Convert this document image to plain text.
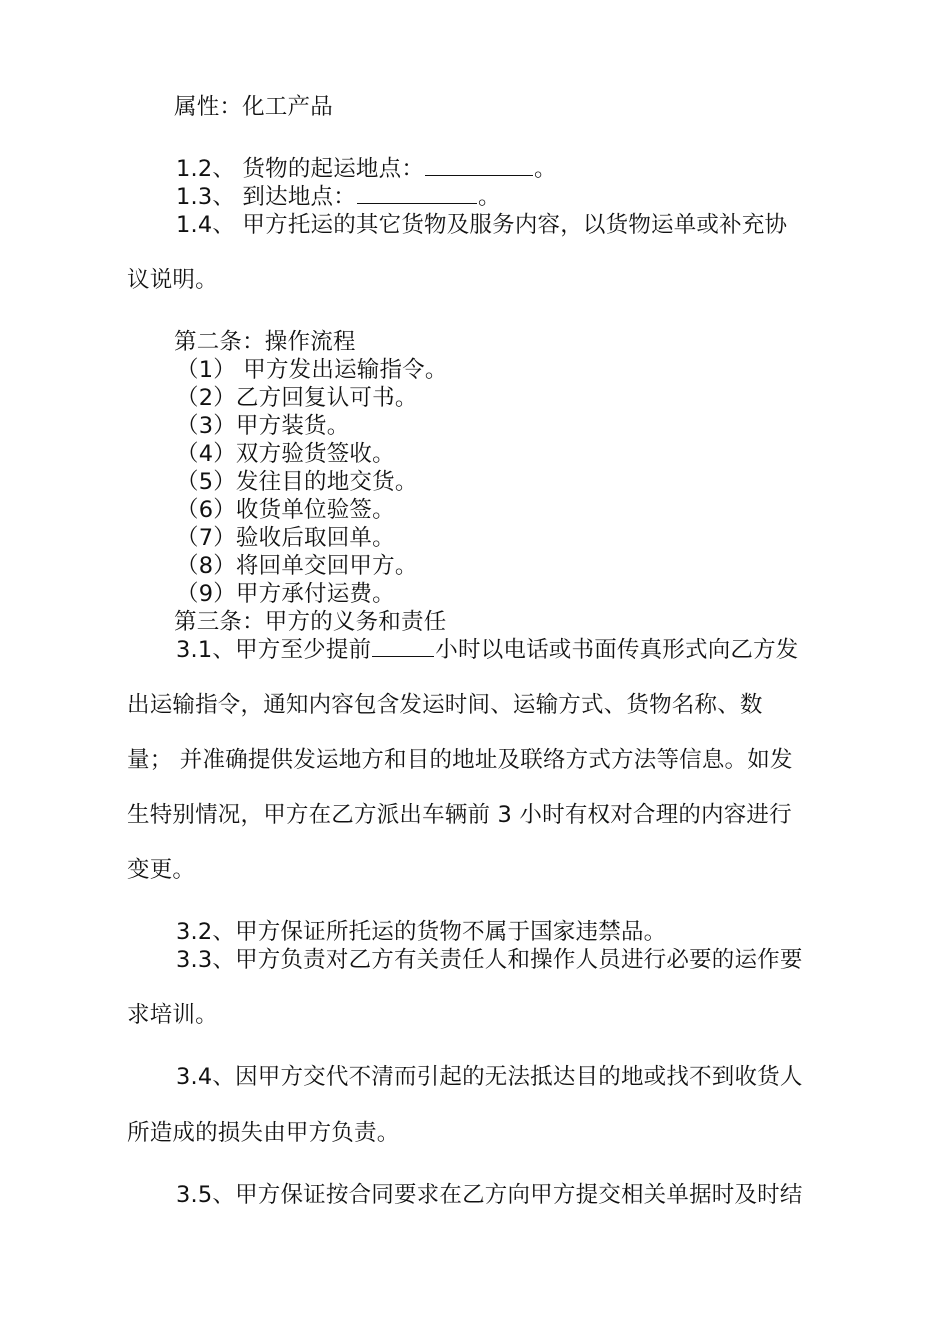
属性：化工产品
1.2、 货物的起运地点：	。
1.3、 到达地点：	。
1.4、 甲方托运的其它货物及服务内容，以货物运单或补充协
议说明。
第二条：操作流程
（1） 甲方发出运输指令。
（2）乙方回复认可书。
（3）甲方装货。
（4）双方验货签收。
（5）发往目的地交货。
（6）收货单位验签。
（7）验收后取回单。
（8）将回单交回甲方。
（9）甲方承付运费。
第三条：甲方的义务和责任
3.1、甲方至少提前	小时以电话或书面传真形式向乙方发
出运输指令，通知内容包含发运时间、运输方式、货物名称、数
量； 并准确提供发运地方和目的地址及联络方式方法等信息。如发
生特别情况，甲方在乙方派出车辆前 3 小时有权对合理的内容进行
变更。
3.2、甲方保证所托运的货物不属于国家违禁品。
3.3、甲方负责对乙方有关责任人和操作人员进行必要的运作要
求培训。
3.4、因甲方交代不清而引起的无法抵达目的地或找不到收货人
所造成的损失由甲方负责。
3.5、甲方保证按合同要求在乙方向甲方提交相关单据时及时结
